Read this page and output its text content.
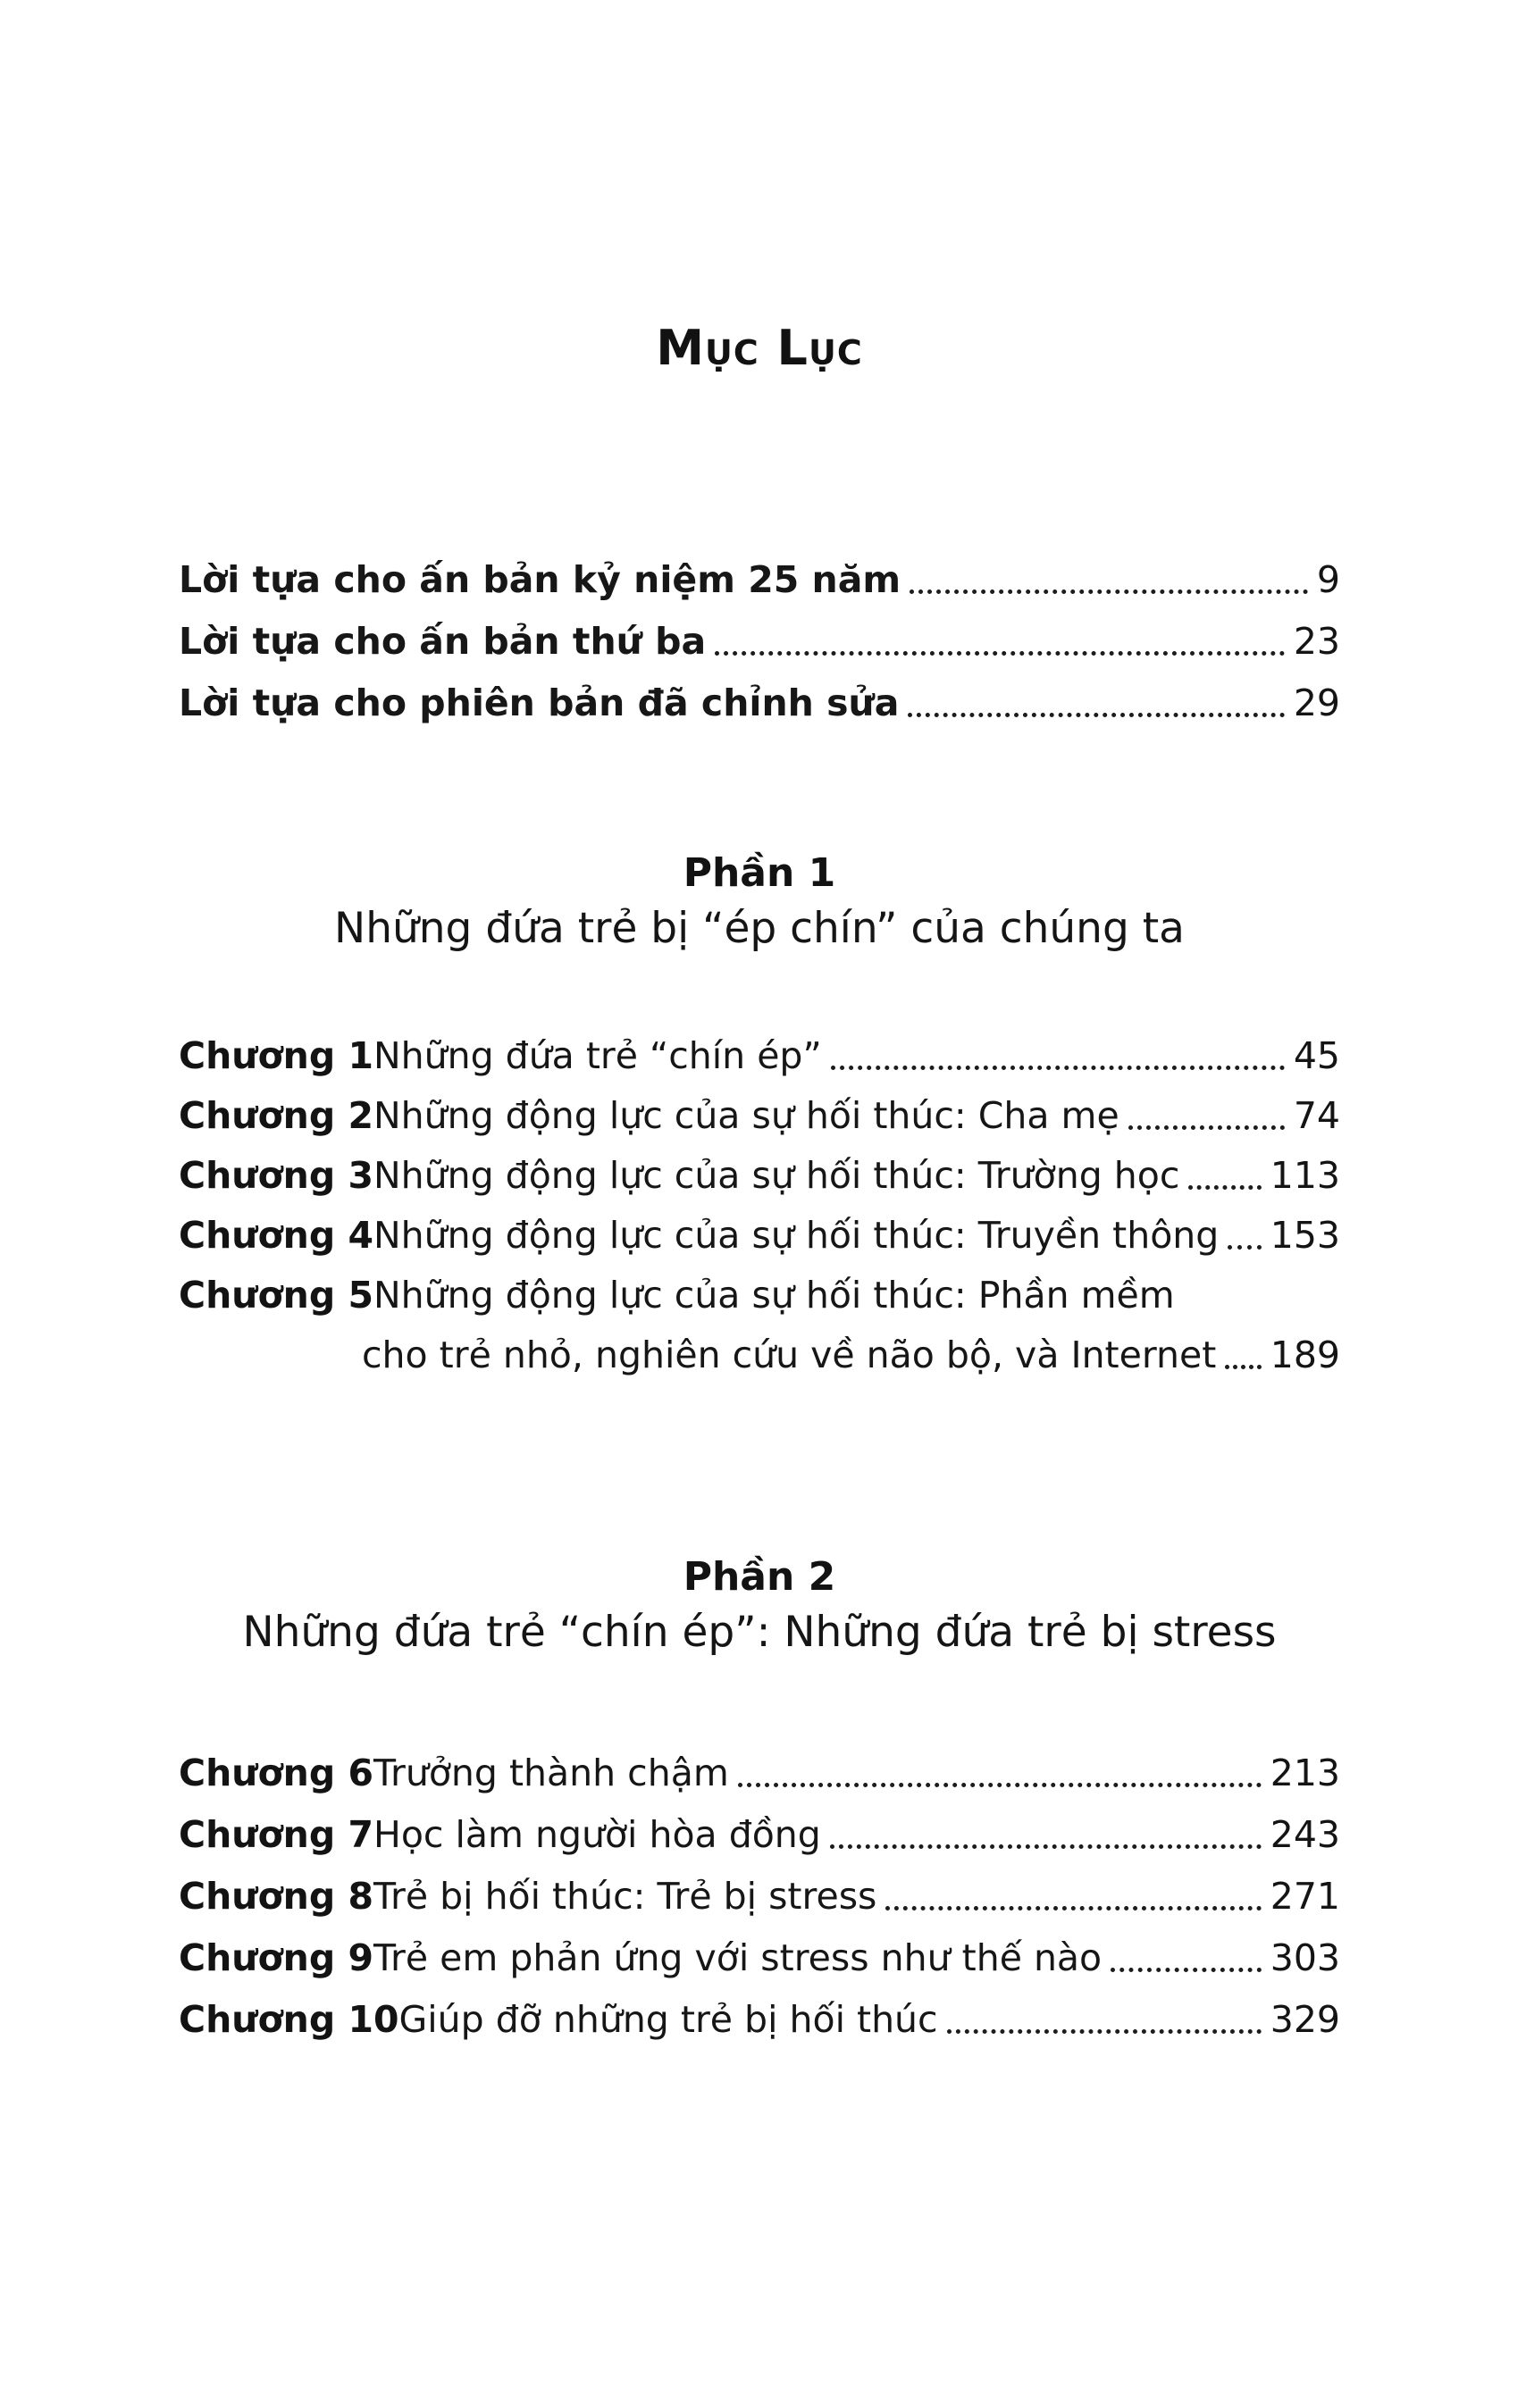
Mục Lục
Lời tựa cho ấn bản kỷ niệm 25 năm	9
Lời tựa cho ấn bản thứ ba	23
Lời tựa cho phiên bản đã chỉnh sửa	29
Phần 1
Những đứa trẻ bị “ép chín” của chúng ta
Chương 1 Những đứa trẻ “chín ép”	45
Chương 2 Những động lực của sự hối thúc: Cha mẹ	74
Chương 3 Những động lực của sự hối thúc: Trường học 113
Chương 4 Những động lực của sự hối thúc: Truyền thông 153
Chương 5 Những động lực của sự hối thúc: Phần mềm
cho trẻ nhỏ, nghiên cứu về não bộ, và Internet 189
Phần 2
Những đứa trẻ “chín ép”: Những đứa trẻ bị stress
Chương 6 Trưởng thành chậm	213
Chương 7 Học làm người hòa đồng	243
Chương 8 Trẻ bị hối thúc: Trẻ bị stress	271
Chương 9 Trẻ em phản ứng với stress như thế nào	303
Chương 10 Giúp đỡ những trẻ bị hối thúc	329
